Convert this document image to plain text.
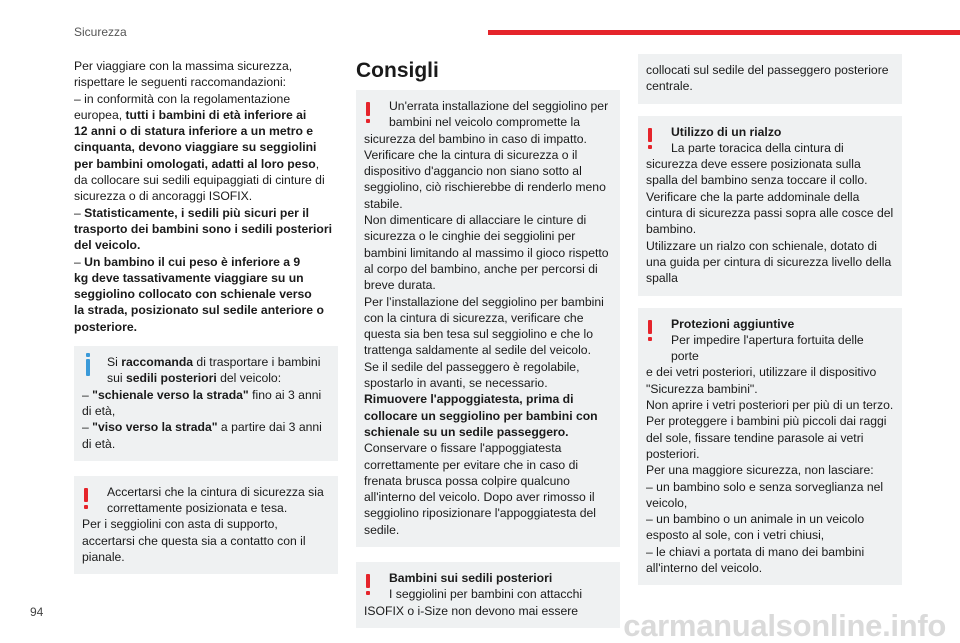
Sicurezza

Per viaggiare con la massima sicurezza,

rispettare le seguenti raccomandazioni:

– in conformità con la regolamentazione

europea, tutti i bambini di età inferiore ai

12 anni o di statura inferiore a un metro e

cinquanta, devono viaggiare su seggiolini

per bambini omologati, adatti al loro peso,

da collocare sui sedili equipaggiati di cinture di

sicurezza o di ancoraggi ISOFIX.

– Statisticamente, i sedili più sicuri per il

trasporto dei bambini sono i sedili posteriori

del veicolo.

– Un bambino il cui peso è inferiore a 9

kg deve tassativamente viaggiare su un

seggiolino collocato con schienale verso

la strada, posizionato sul sedile anteriore o

posteriore.

Si raccomanda di trasportare i bambini

sui sedili posteriori del veicolo:

– "schienale verso la strada" fino ai 3 anni

di età,

– "viso verso la strada" a partire dai 3 anni

di età.

Accertarsi che la cintura di sicurezza sia

correttamente posizionata e tesa.

Per i seggiolini con asta di supporto,

accertarsi che questa sia a contatto con il

pianale.

Consigli

Un'errata installazione del seggiolino per

bambini nel veicolo compromette la

sicurezza del bambino in caso di impatto.

Verificare che la cintura di sicurezza o il

dispositivo d'aggancio non siano sotto al

seggiolino, ciò rischierebbe di renderlo meno

stabile.

Non dimenticare di allacciare le cinture di

sicurezza o le cinghie dei seggiolini per

bambini limitando al massimo il gioco rispetto

al corpo del bambino, anche per percorsi di

breve durata.

Per l’installazione del seggiolino per bambini

con la cintura di sicurezza, verificare che

questa sia ben tesa sul seggiolino e che lo

trattenga saldamente al sedile del veicolo.

Se il sedile del passeggero è regolabile,

spostarlo in avanti, se necessario.

Rimuovere l'appoggiatesta, prima di

collocare un seggiolino per bambini con

schienale su un sedile passeggero.

Conservare o fissare l'appoggiatesta

correttamente per evitare che in caso di

frenata brusca possa colpire qualcuno

all'interno del veicolo. Dopo aver rimosso il

seggiolino riposizionare l'appoggiatesta del

sedile.

Bambini sui sedili posteriori

I seggiolini per bambini con attacchi

ISOFIX o i-Size non devono mai essere

collocati sul sedile del passeggero posteriore

centrale.

Utilizzo di un rialzo

La parte toracica della cintura di

sicurezza deve essere posizionata sulla

spalla del bambino senza toccare il collo.

Verificare che la parte addominale della

cintura di sicurezza passi sopra alle cosce del

bambino.

Utilizzare un rialzo con schienale, dotato di

una guida per cintura di sicurezza livello della

spalla

Protezioni aggiuntive

Per impedire l'apertura fortuita delle porte

e dei vetri posteriori, utilizzare il dispositivo

"Sicurezza bambini".

Non aprire i vetri posteriori per più di un terzo.

Per proteggere i bambini più piccoli dai raggi

del sole, fissare tendine parasole ai vetri

posteriori.

Per una maggiore sicurezza, non lasciare:

– un bambino solo e senza sorveglianza nel

veicolo,

– un bambino o un animale in un veicolo

esposto al sole, con i vetri chiusi,

– le chiavi a portata di mano dei bambini

all'interno del veicolo.

94	carmanualsonline.info
